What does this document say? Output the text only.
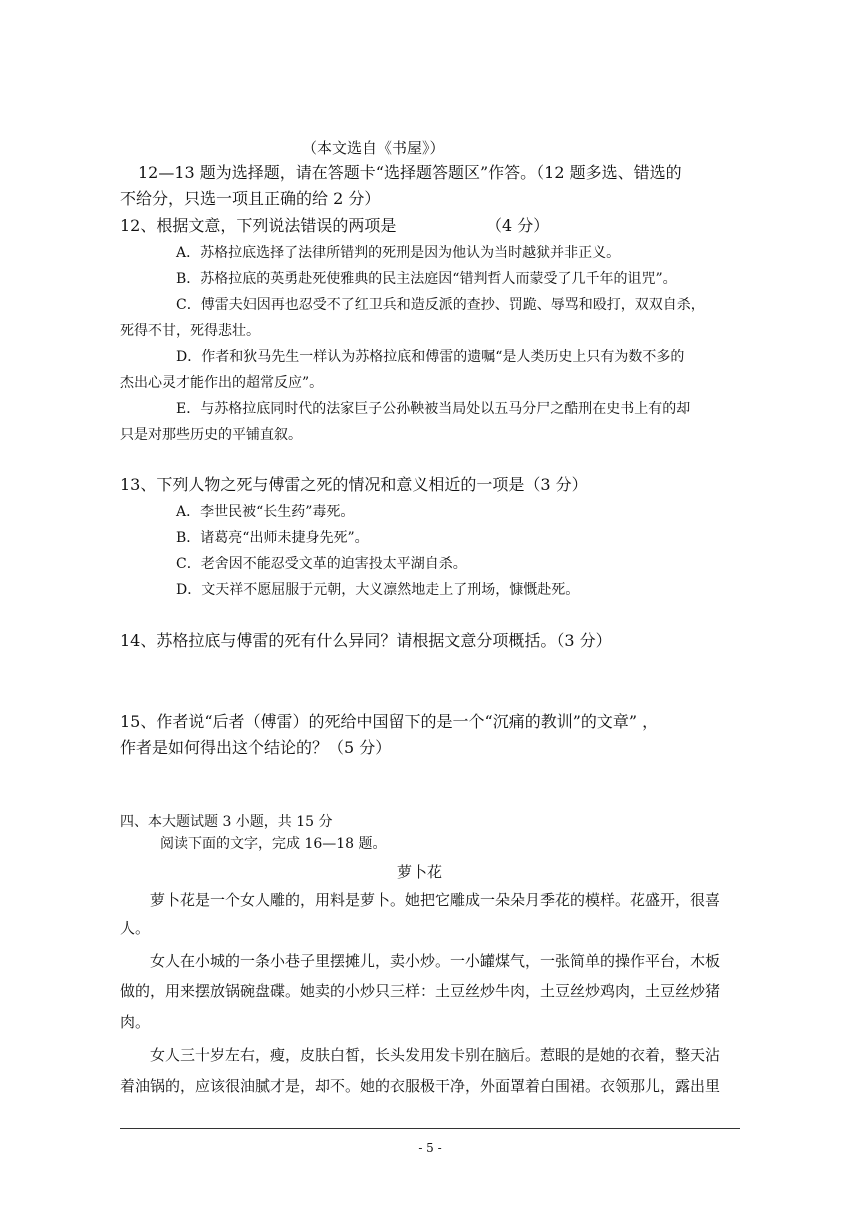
（本文选自《书屋》）
12—13 题为选择题，请在答题卡“选择题答题区”作答。（12 题多选、错选的
不给分，只选一项且正确的给 2 分）
12、根据文意，下列说法错误的两项是	（4 分）
A．苏格拉底选择了法律所错判的死刑是因为他认为当时越狱并非正义。
B．苏格拉底的英勇赴死使雅典的民主法庭因“错判哲人而蒙受了几千年的诅咒”。
C．傅雷夫妇因再也忍受不了红卫兵和造反派的查抄、罚跪、辱骂和殴打，双双自杀，
死得不甘，死得悲壮。
D．作者和狄马先生一样认为苏格拉底和傅雷的遗嘱“是人类历史上只有为数不多的
杰出心灵才能作出的超常反应”。
E．与苏格拉底同时代的法家巨子公孙鞅被当局处以五马分尸之酷刑在史书上有的却
只是对那些历史的平铺直叙。
13、下列人物之死与傅雷之死的情况和意义相近的一项是（3 分）
A．李世民被“长生药”毒死。
B．诸葛亮“出师未捷身先死”。
C．老舍因不能忍受文革的迫害投太平湖自杀。
D．文天祥不愿屈服于元朝，大义凛然地走上了刑场，慷慨赴死。
14、苏格拉底与傅雷的死有什么异同？请根据文意分项概括。（3 分）
15、作者说“后者（傅雷）的死给中国留下的是一个“沉痛的教训”的文章” ，
作者是如何得出这个结论的？（5 分）
四、本大题试题 3 小题，共 15 分
阅读下面的文字，完成 16—18 题。
萝卜花
萝卜花是一个女人雕的，用料是萝卜。她把它雕成一朵朵月季花的模样。花盛开，很喜
人。
女人在小城的一条小巷子里摆摊儿，卖小炒。一小罐煤气，一张简单的操作平台，木板
做的，用来摆放锅碗盘碟。她卖的小炒只三样：土豆丝炒牛肉，土豆丝炒鸡肉，土豆丝炒猪
肉。
女人三十岁左右，瘦，皮肤白皙，长头发用发卡别在脑后。惹眼的是她的衣着，整天沾
着油锅的，应该很油腻才是，却不。她的衣服极干净，外面罩着白围裙。衣领那儿，露出里
- 5 -
